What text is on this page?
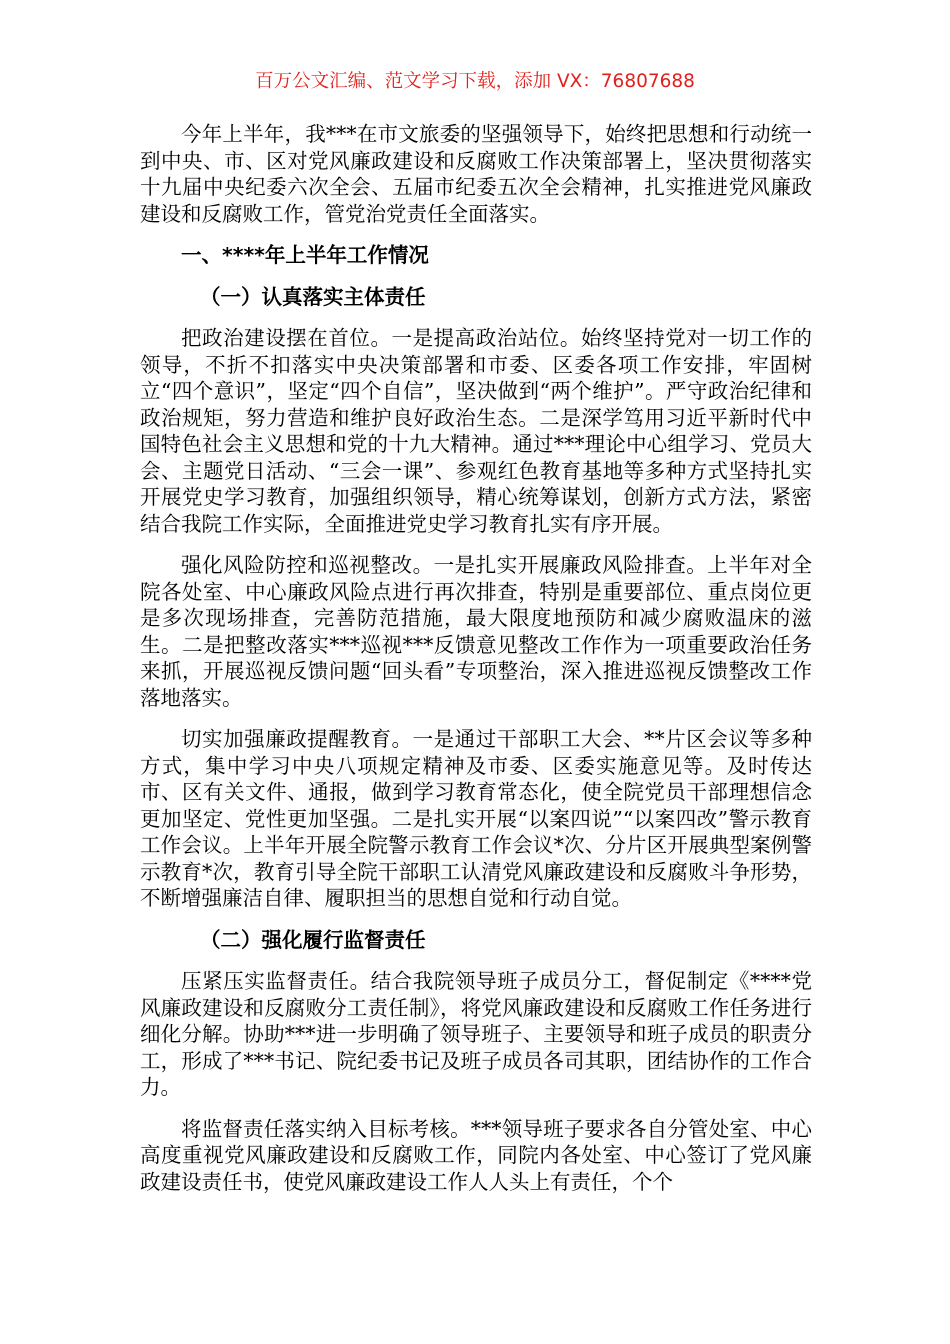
百万公文汇编、范文学习下载，添加 VX：76807688

今年上半年，我***在市文旅委的坚强领导下，始终把思想和行动统一到中央、市、区对党风廉政建设和反腐败工作决策部署上，坚决贯彻落实十九届中央纪委六次全会、五届市纪委五次全会精神，扎实推进党风廉政建设和反腐败工作，管党治党责任全面落实。

一、****年上半年工作情况
（一）认真落实主体责任

把政治建设摆在首位。一是提高政治站位。始终坚持党对一切工作的领导，不折不扣落实中央决策部署和市委、区委各项工作安排，牢固树立“四个意识”，坚定“四个自信”，坚决做到“两个维护”。严守政治纪律和政治规矩，努力营造和维护良好政治生态。二是深学笃用习近平新时代中国特色社会主义思想和党的十九大精神。通过***理论中心组学习、党员大会、主题党日活动、“三会一课”、参观红色教育基地等多种方式坚持扎实开展党史学习教育，加强组织领导，精心统筹谋划，创新方式方法，紧密结合我院工作实际，全面推进党史学习教育扎实有序开展。

强化风险防控和巡视整改。一是扎实开展廉政风险排查。上半年对全院各处室、中心廉政风险点进行再次排查，特别是重要部位、重点岗位更是多次现场排查，完善防范措施，最大限度地预防和减少腐败温床的滋生。二是把整改落实***巡视***反馈意见整改工作作为一项重要政治任务来抓，开展巡视反馈问题“回头看”专项整治，深入推进巡视反馈整改工作落地落实。

切实加强廉政提醒教育。一是通过干部职工大会、**片区会议等多种方式，集中学习中央八项规定精神及市委、区委实施意见等。及时传达市、区有关文件、通报，做到学习教育常态化，使全院党员干部理想信念更加坚定、党性更加坚强。二是扎实开展“以案四说”“以案四改”警示教育工作会议。上半年开展全院警示教育工作会议*次、分片区开展典型案例警示教育*次，教育引导全院干部职工认清党风廉政建设和反腐败斗争形势，不断增强廉洁自律、履职担当的思想自觉和行动自觉。

（二）强化履行监督责任

压紧压实监督责任。结合我院领导班子成员分工，督促制定《****党风廉政建设和反腐败分工责任制》，将党风廉政建设和反腐败工作任务进行细化分解。协助***进一步明确了领导班子、主要领导和班子成员的职责分工，形成了***书记、院纪委书记及班子成员各司其职，团结协作的工作合力。

将监督责任落实纳入目标考核。***领导班子要求各自分管处室、中心高度重视党风廉政建设和反腐败工作，同院内各处室、中心签订了党风廉政建设责任书，使党风廉政建设工作人人头上有责任，个个
